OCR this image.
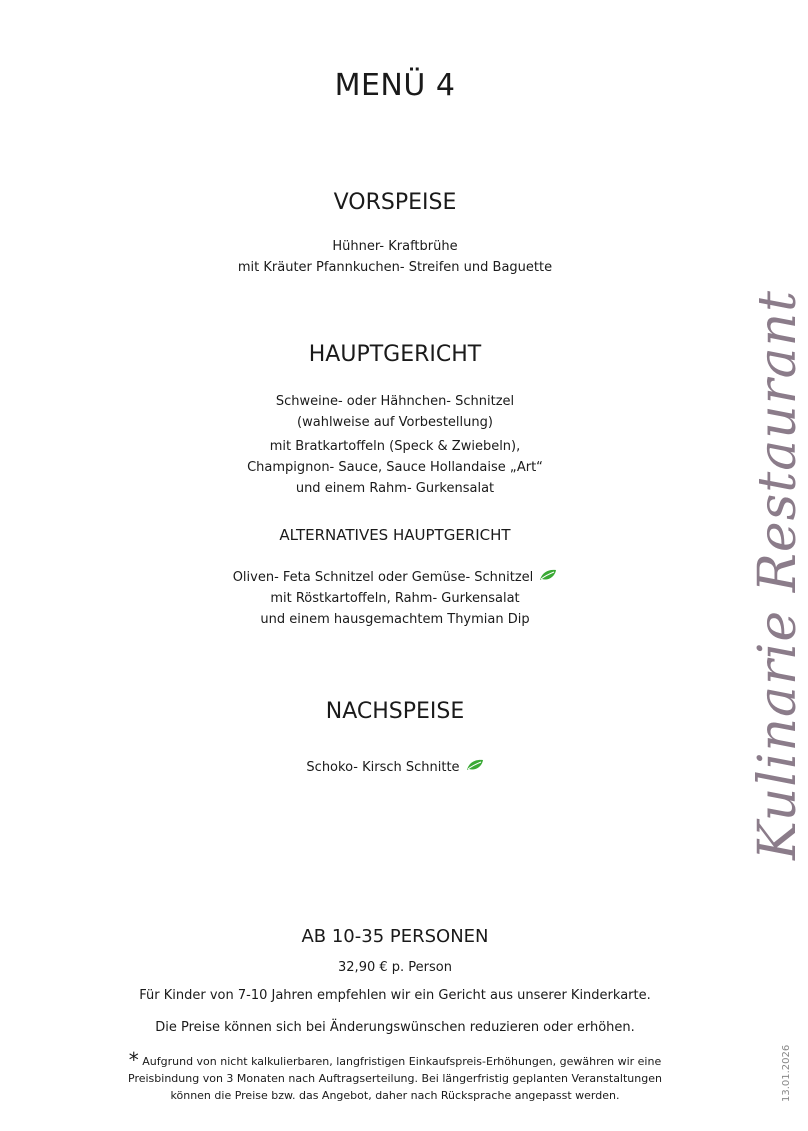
MENÜ 4
VORSPEISE
Hühner- Kraftbrühe
mit Kräuter Pfannkuchen- Streifen und Baguette
HAUPTGERICHT
Schweine- oder Hähnchen- Schnitzel
(wahlweise auf Vorbestellung)
mit Bratkartoffeln (Speck & Zwiebeln),
Champignon- Sauce, Sauce Hollandaise „Art“
und einem Rahm- Gurkensalat
ALTERNATIVES HAUPTGERICHT
Oliven- Feta Schnitzel oder Gemüse- Schnitzel
mit Röstkartoffeln, Rahm- Gurkensalat
und einem hausgemachtem Thymian Dip
NACHSPEISE
Schoko- Kirsch Schnitte
AB 10-35 PERSONEN
32,90 € p. Person
Für Kinder von 7-10 Jahren empfehlen wir ein Gericht aus unserer Kinderkarte.
Die Preise können sich bei Änderungswünschen reduzieren oder erhöhen.
* Aufgrund von nicht kalkulierbaren, langfristigen Einkaufspreis-Erhöhungen, gewähren wir eine
Preisbindung von 3 Monaten nach Auftragserteilung. Bei längerfristig geplanten Veranstaltungen
können die Preise bzw. das Angebot, daher nach Rücksprache angepasst werden.
Kulinarie Restaurant
13.01.2026
